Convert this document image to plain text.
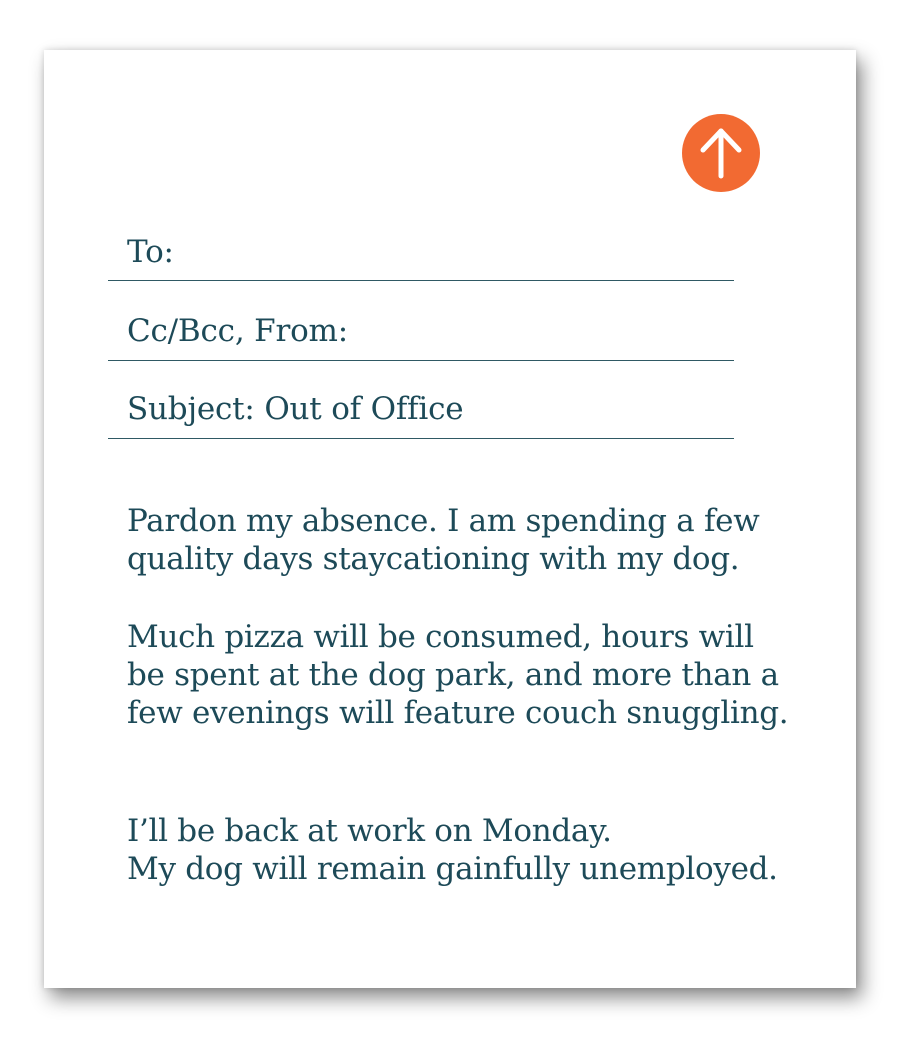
To:
Cc/Bcc, From:
Subject: Out of Office
Pardon my absence. I am spending a few
quality days staycationing with my dog.
Much pizza will be consumed, hours will
be spent at the dog park, and more than a
few evenings will feature couch snuggling.
I’ll be back at work on Monday.
My dog will remain gainfully unemployed.
